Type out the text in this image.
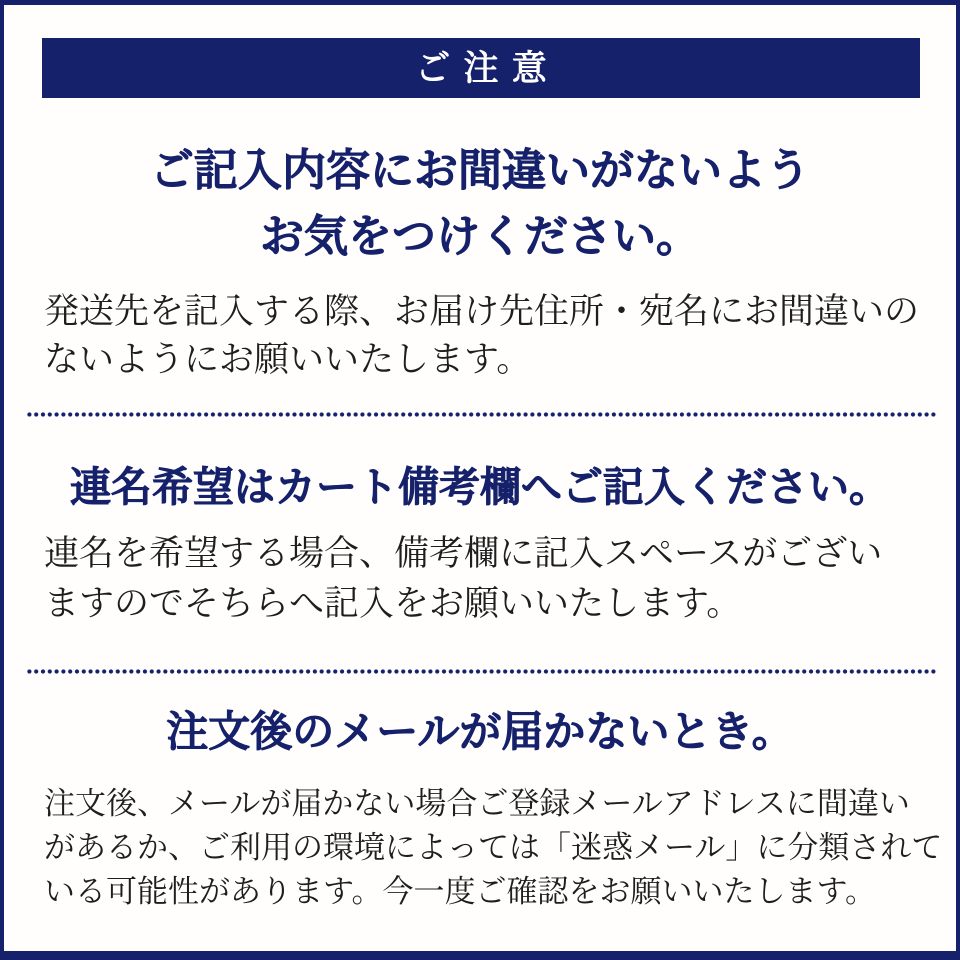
ご注意
ご記入内容にお間違いがないよう
お気をつけください。
発送先を記入する際、お届け先住所・宛名にお間違いの
ないようにお願いいたします。
連名希望はカート備考欄へご記入ください。
連名を希望する場合、備考欄に記入スペースがござい
ますのでそちらへ記入をお願いいたします。
注文後のメールが届かないとき。
注文後、メールが届かない場合ご登録メールアドレスに間違い
があるか、ご利用の環境によっては「迷惑メール」に分類されて
いる可能性があります。今一度ご確認をお願いいたします。
